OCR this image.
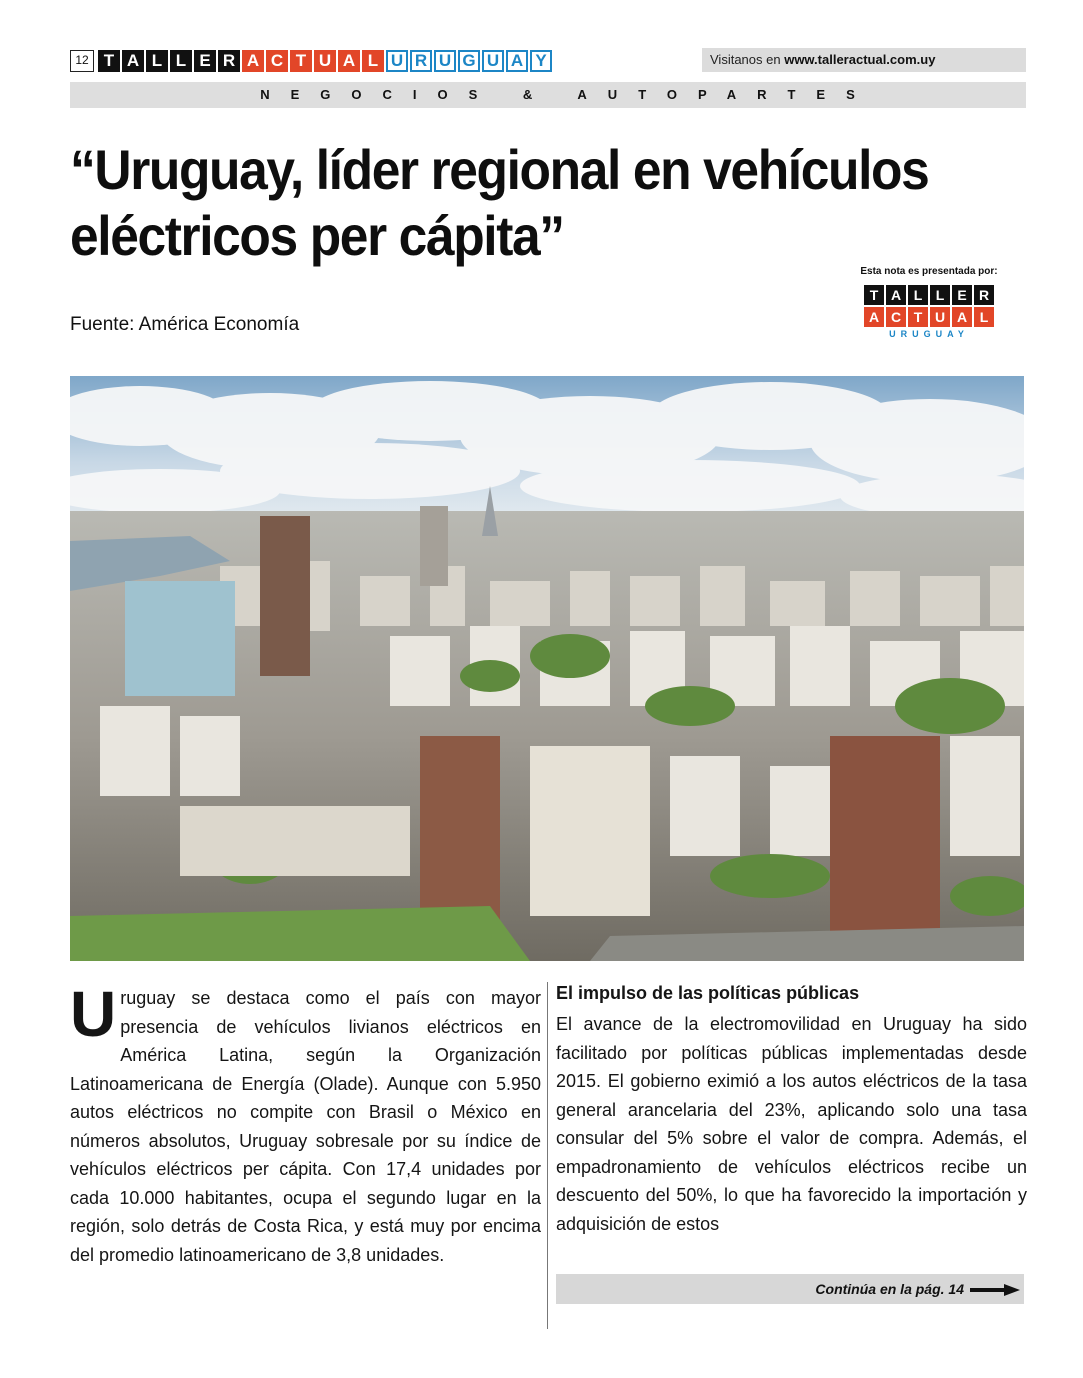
12 T A L L E R A C T U A L U R U G U A Y	Visitanos en www.talleractual.com.uy
NEGOCIOS & AUTOPARTES
“Uruguay, líder regional en vehículos eléctricos per cápita”
Fuente: América Economía
Esta nota es presentada por:
T A L L E R
A C T U A L
URUGUAY
U ruguay se destaca como el país con mayor presencia de vehículos livianos eléctricos en América Latina, según la Organización Latinoamericana de Energía (Olade). Aunque con 5.950 autos eléctricos no compite con Brasil o México en números absolutos, Uruguay sobresale por su índice de vehículos eléctricos per cápita. Con 17,4 unidades por cada 10.000 habitantes, ocupa el segundo lugar en la región, solo detrás de Costa Rica, y está muy por encima del promedio latinoamericano de 3,8 unidades.
El impulso de las políticas públicas
El avance de la electromovilidad en Uruguay ha sido facilitado por políticas públicas implementadas desde 2015. El gobierno eximió a los autos eléctricos de la tasa general arancelaria del 23%, aplicando solo una tasa consular del 5% sobre el valor de compra. Además, el empadronamiento de vehículos eléctricos recibe un descuento del 50%, lo que ha favorecido la importación y adquisición de estos
Continúa en la pág. 14
